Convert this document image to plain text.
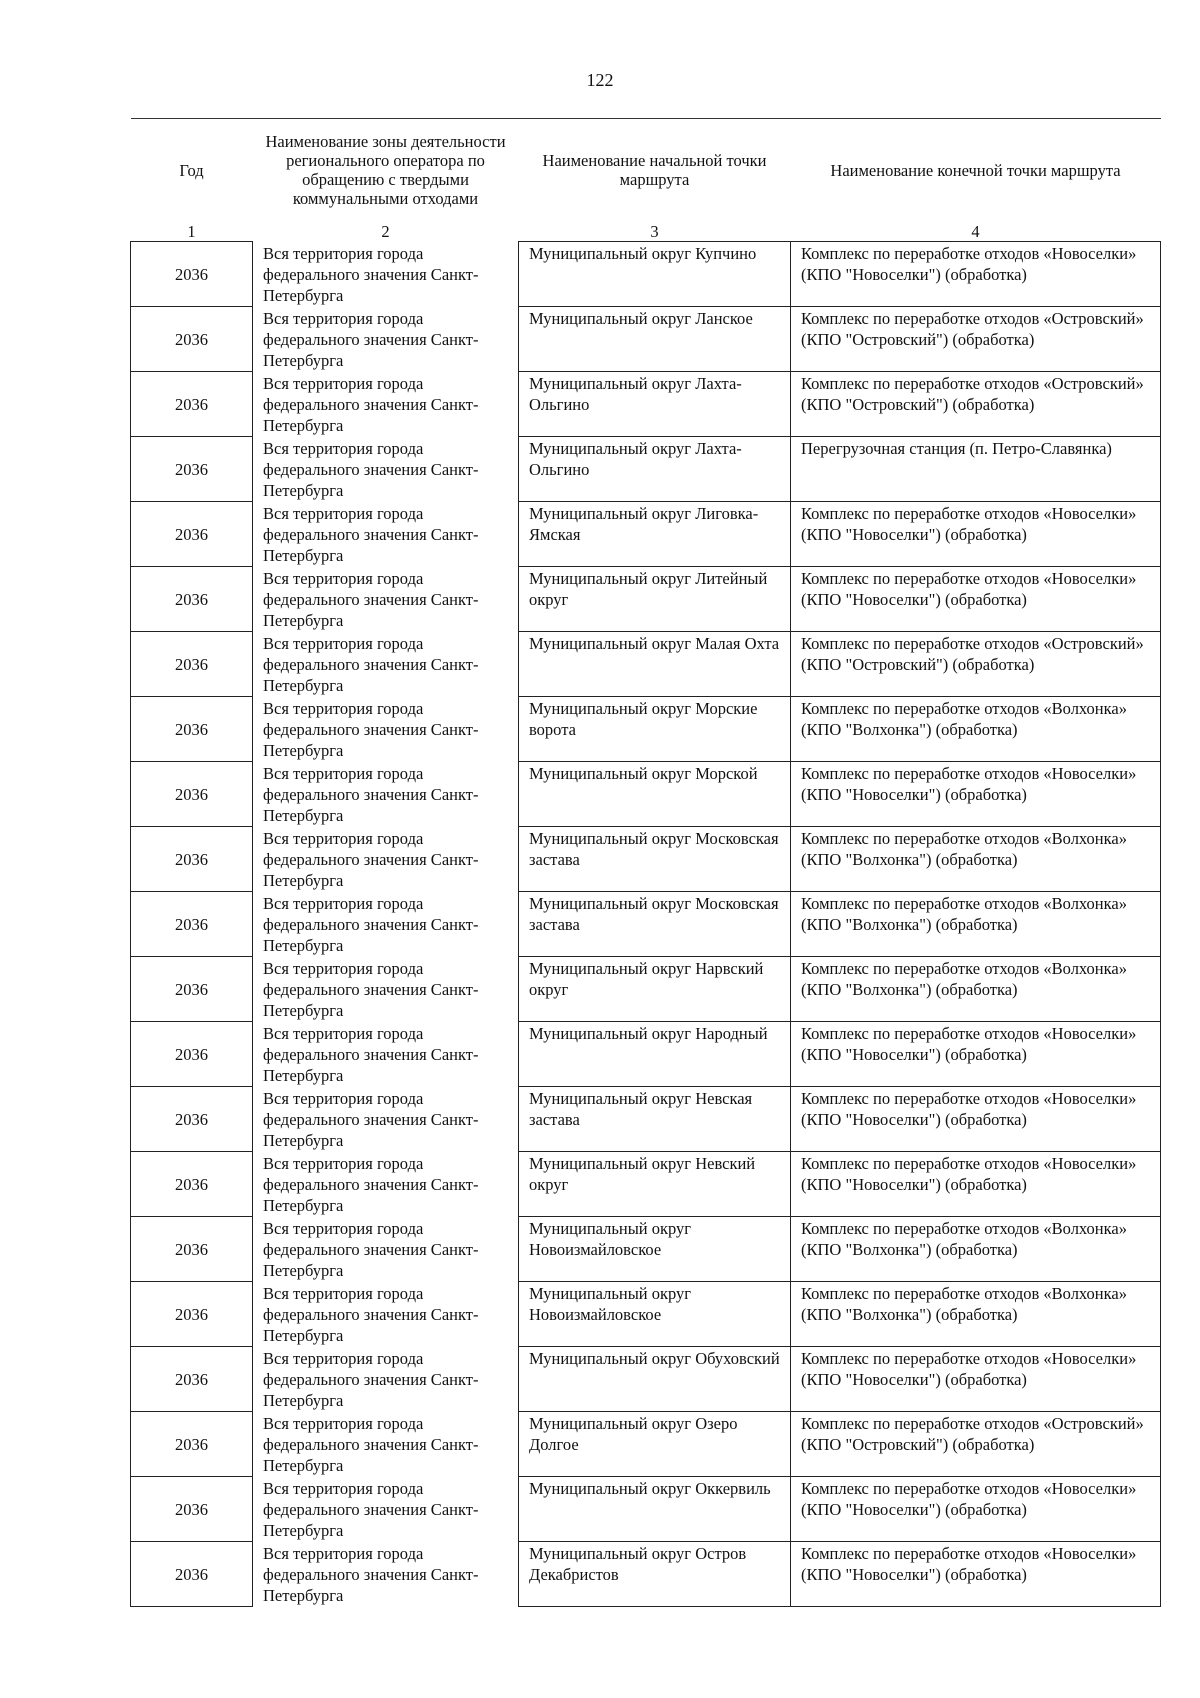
122
Год	Наименование зоны деятельности регионального оператора по обращению с твердыми коммунальными отходами	Наименование начальной точки маршрута	Наименование конечной точки маршрута
1	2	3	4
2036	Вся территория города федерального значения Санкт-Петербурга	Муниципальный округ Купчино	Комплекс по переработке отходов «Новоселки» (КПО "Новоселки") (обработка)
2036	Вся территория города федерального значения Санкт-Петербурга	Муниципальный округ Ланское	Комплекс по переработке отходов «Островский» (КПО "Островский") (обработка)
2036	Вся территория города федерального значения Санкт-Петербурга	Муниципальный округ Лахта-Ольгино	Комплекс по переработке отходов «Островский» (КПО "Островский") (обработка)
2036	Вся территория города федерального значения Санкт-Петербурга	Муниципальный округ Лахта-Ольгино	Перегрузочная станция (п. Петро-Славянка)
2036	Вся территория города федерального значения Санкт-Петербурга	Муниципальный округ Лиговка-Ямская	Комплекс по переработке отходов «Новоселки» (КПО "Новоселки") (обработка)
2036	Вся территория города федерального значения Санкт-Петербурга	Муниципальный округ Литейный округ	Комплекс по переработке отходов «Новоселки» (КПО "Новоселки") (обработка)
2036	Вся территория города федерального значения Санкт-Петербурга	Муниципальный округ Малая Охта	Комплекс по переработке отходов «Островский» (КПО "Островский") (обработка)
2036	Вся территория города федерального значения Санкт-Петербурга	Муниципальный округ Морские ворота	Комплекс по переработке отходов «Волхонка» (КПО "Волхонка") (обработка)
2036	Вся территория города федерального значения Санкт-Петербурга	Муниципальный округ Морской	Комплекс по переработке отходов «Новоселки» (КПО "Новоселки") (обработка)
2036	Вся территория города федерального значения Санкт-Петербурга	Муниципальный округ Московская застава	Комплекс по переработке отходов «Волхонка» (КПО "Волхонка") (обработка)
2036	Вся территория города федерального значения Санкт-Петербурга	Муниципальный округ Московская застава	Комплекс по переработке отходов «Волхонка» (КПО "Волхонка") (обработка)
2036	Вся территория города федерального значения Санкт-Петербурга	Муниципальный округ Нарвский округ	Комплекс по переработке отходов «Волхонка» (КПО "Волхонка") (обработка)
2036	Вся территория города федерального значения Санкт-Петербурга	Муниципальный округ Народный	Комплекс по переработке отходов «Новоселки» (КПО "Новоселки") (обработка)
2036	Вся территория города федерального значения Санкт-Петербурга	Муниципальный округ Невская застава	Комплекс по переработке отходов «Новоселки» (КПО "Новоселки") (обработка)
2036	Вся территория города федерального значения Санкт-Петербурга	Муниципальный округ Невский округ	Комплекс по переработке отходов «Новоселки» (КПО "Новоселки") (обработка)
2036	Вся территория города федерального значения Санкт-Петербурга	Муниципальный округ Новоизмайловское	Комплекс по переработке отходов «Волхонка» (КПО "Волхонка") (обработка)
2036	Вся территория города федерального значения Санкт-Петербурга	Муниципальный округ Новоизмайловское	Комплекс по переработке отходов «Волхонка» (КПО "Волхонка") (обработка)
2036	Вся территория города федерального значения Санкт-Петербурга	Муниципальный округ Обуховский	Комплекс по переработке отходов «Новоселки» (КПО "Новоселки") (обработка)
2036	Вся территория города федерального значения Санкт-Петербурга	Муниципальный округ Озеро Долгое	Комплекс по переработке отходов «Островский» (КПО "Островский") (обработка)
2036	Вся территория города федерального значения Санкт-Петербурга	Муниципальный округ Оккервиль	Комплекс по переработке отходов «Новоселки» (КПО "Новоселки") (обработка)
2036	Вся территория города федерального значения Санкт-Петербурга	Муниципальный округ Остров Декабристов	Комплекс по переработке отходов «Новоселки» (КПО "Новоселки") (обработка)
